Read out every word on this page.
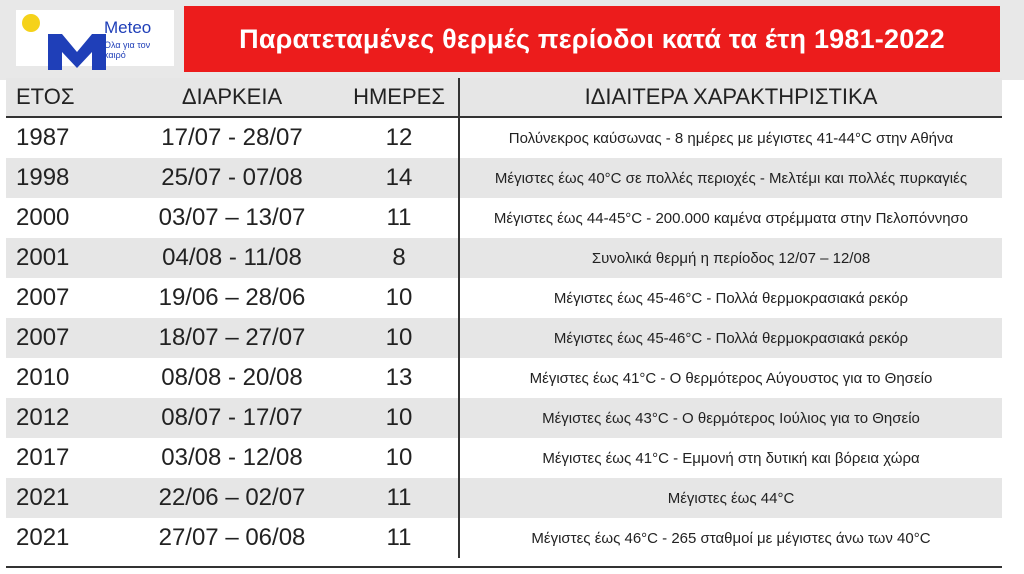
Meteo
Όλα για τον καιρό
Παρατεταμένες θερμές περίοδοι κατά τα έτη 1981-2022
ΕΤΟΣ	ΔΙΑΡΚΕΙΑ	ΗΜΕΡΕΣ	ΙΔΙΑΙΤΕΡΑ ΧΑΡΑΚΤΗΡΙΣΤΙΚΑ
1987	17/07 - 28/07	12	Πολύνεκρος καύσωνας - 8 ημέρες με μέγιστες 41-44°C στην Αθήνα
1998	25/07 - 07/08	14	Μέγιστες έως 40°C σε πολλές περιοχές - Μελτέμι και πολλές πυρκαγιές
2000	03/07 – 13/07	11	Μέγιστες έως 44-45°C - 200.000 καμένα στρέμματα στην Πελοπόννησο
2001	04/08 - 11/08	8	Συνολικά θερμή η περίοδος 12/07 – 12/08
2007	19/06 – 28/06	10	Μέγιστες έως 45-46°C - Πολλά θερμοκρασιακά ρεκόρ
2007	18/07 – 27/07	10	Μέγιστες έως 45-46°C - Πολλά θερμοκρασιακά ρεκόρ
2010	08/08 - 20/08	13	Μέγιστες έως 41°C - Ο θερμότερος Αύγουστος για το Θησείο
2012	08/07 - 17/07	10	Μέγιστες έως 43°C - Ο θερμότερος Ιούλιος για το Θησείο
2017	03/08 - 12/08	10	Μέγιστες έως 41°C - Εμμονή στη δυτική και βόρεια χώρα
2021	22/06 – 02/07	11	Μέγιστες έως 44°C
2021	27/07 – 06/08	11	Μέγιστες έως 46°C - 265 σταθμοί με μέγιστες άνω των 40°C
